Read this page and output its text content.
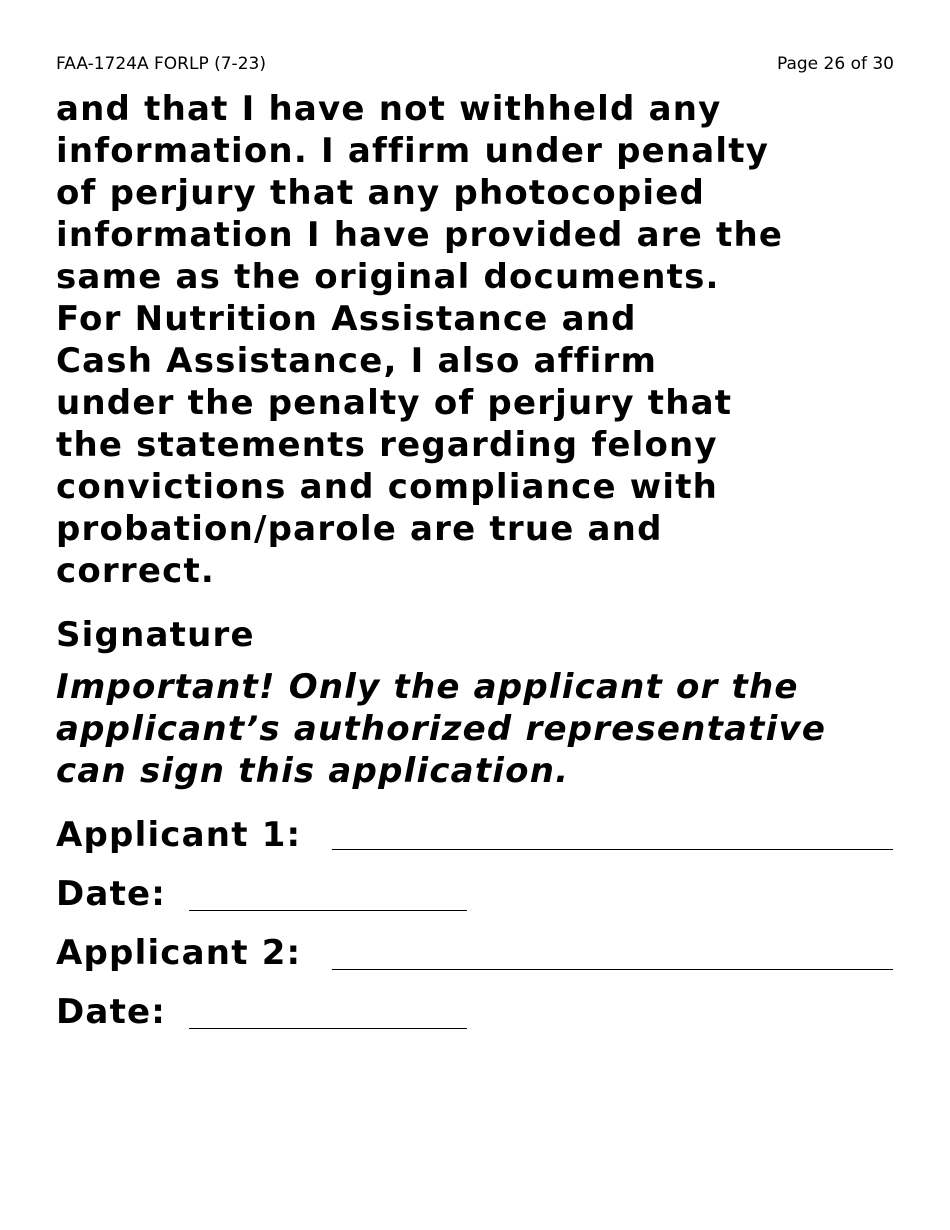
FAA-1724A FORLP (7-23)	Page 26 of 30

and that I have not withheld any
information. I affirm under penalty
of perjury that any photocopied
information I have provided are the
same as the original documents.
For Nutrition Assistance and
Cash Assistance, I also affirm
under the penalty of perjury that
the statements regarding felony
convictions and compliance with
probation/parole are true and
correct.

Signature

Important! Only the applicant or the
applicant’s authorized representative
can sign this application.

Applicant 1:
Date:
Applicant 2:
Date:
